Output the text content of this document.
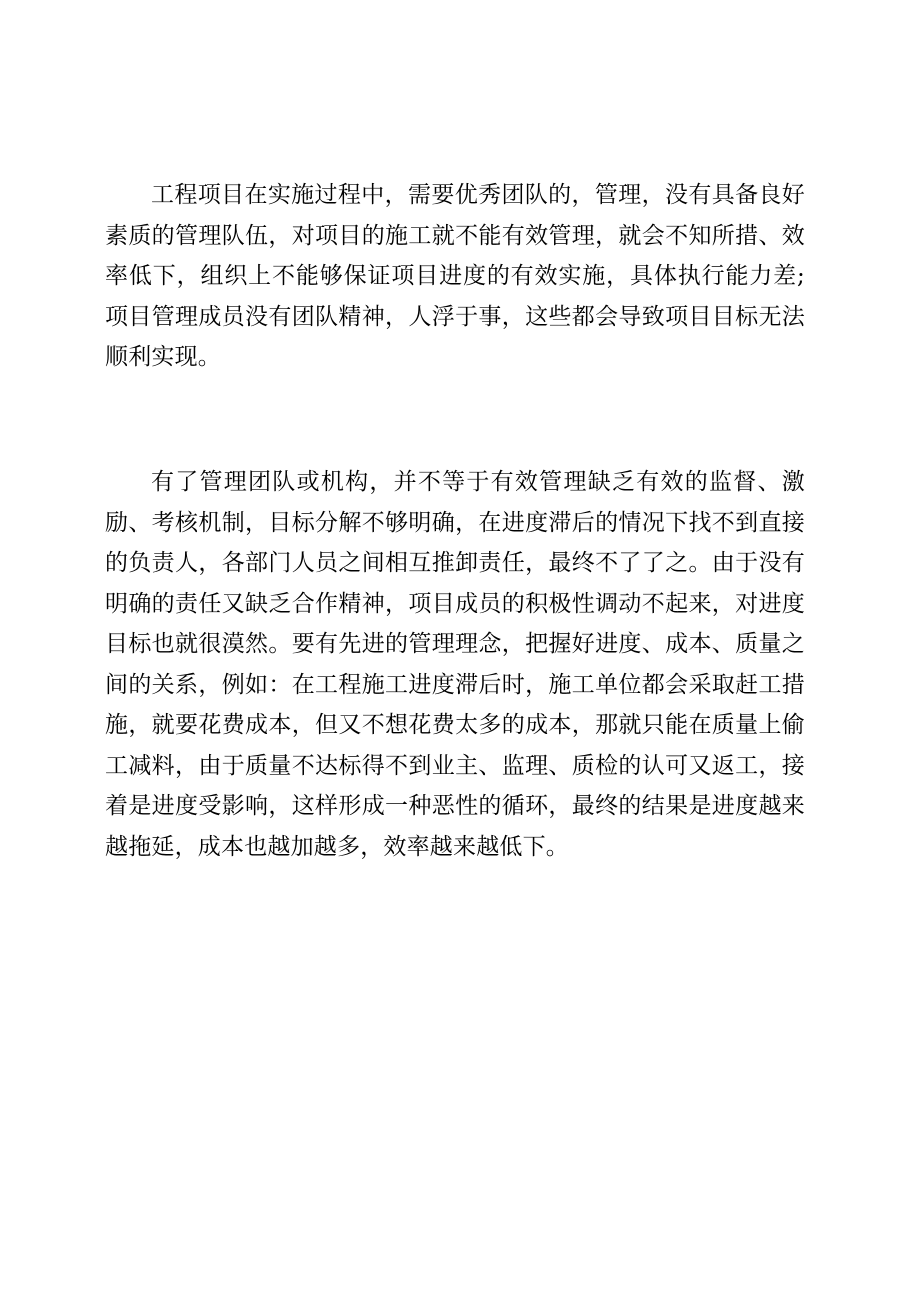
工程项目在实施过程中，需要优秀团队的，管理，没有具备良好素质的管理队伍，对项目的施工就不能有效管理，就会不知所措、效率低下，组织上不能够保证项目进度的有效实施，具体执行能力差;项目管理成员没有团队精神，人浮于事，这些都会导致项目目标无法顺利实现。

有了管理团队或机构，并不等于有效管理缺乏有效的监督、激励、考核机制，目标分解不够明确，在进度滞后的情况下找不到直接的负责人，各部门人员之间相互推卸责任，最终不了了之。由于没有明确的责任又缺乏合作精神，项目成员的积极性调动不起来，对进度目标也就很漠然。要有先进的管理理念，把握好进度、成本、质量之间的关系，例如：在工程施工进度滞后时，施工单位都会采取赶工措施，就要花费成本，但又不想花费太多的成本，那就只能在质量上偷工减料，由于质量不达标得不到业主、监理、质检的认可又返工，接着是进度受影响，这样形成一种恶性的循环，最终的结果是进度越来越拖延，成本也越加越多，效率越来越低下。
